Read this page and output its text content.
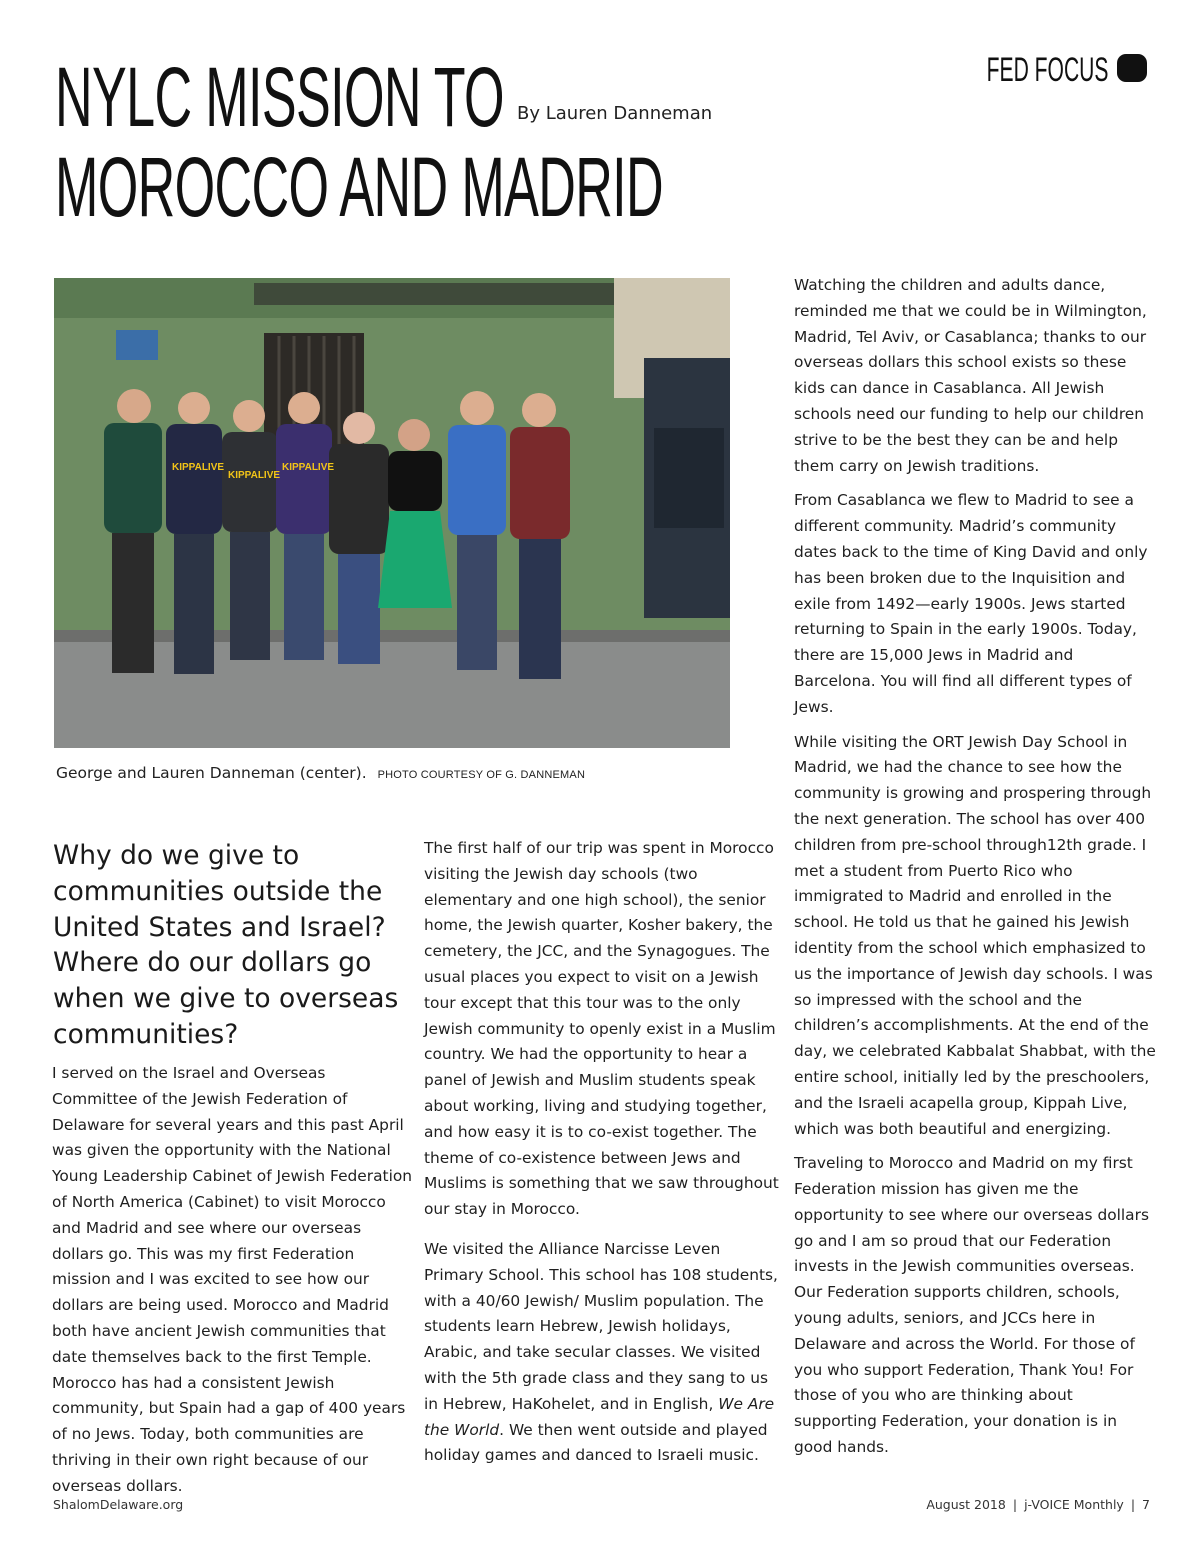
NYLC MISSION TO
MOROCCO AND MADRID
By Lauren Danneman
FED FOCUS
KIPPALIVE
KIPPALIVE
KIPPALIVE
George and Lauren Danneman (center). PHOTO COURTESY OF G. DANNEMAN
Why do we give to communities outside the United States and Israel? Where do our dollars go when we give to overseas communities?

I served on the Israel and Overseas Committee of the Jewish Federation of Delaware for several years and this past April was given the opportunity with the National Young Leadership Cabinet of Jewish Federation of North America (Cabinet) to visit Morocco and Madrid and see where our overseas dollars go. This was my first Federation mission and I was excited to see how our dollars are being used. Morocco and Madrid both have ancient Jewish communities that date themselves back to the first Temple. Morocco has had a consistent Jewish community, but Spain had a gap of 400 years of no Jews. Today, both communities are thriving in their own right because of our overseas dollars.

The first half of our trip was spent in Morocco visiting the Jewish day schools (two elementary and one high school), the senior home, the Jewish quarter, Kosher bakery, the cemetery, the JCC, and the Synagogues. The usual places you expect to visit on a Jewish tour except that this tour was to the only Jewish community to openly exist in a Muslim country. We had the opportunity to hear a panel of Jewish and Muslim students speak about working, living and studying together, and how easy it is to co-exist together. The theme of co-existence between Jews and Muslims is something that we saw throughout our stay in Morocco.

We visited the Alliance Narcisse Leven Primary School. This school has 108 students, with a 40/60 Jewish/ Muslim population. The students learn Hebrew, Jewish holidays, Arabic, and take secular classes. We visited with the 5th grade class and they sang to us in Hebrew, HaKohelet, and in English, We Are the World. We then went outside and played holiday games and danced to Israeli music.

Watching the children and adults dance, reminded me that we could be in Wilmington, Madrid, Tel Aviv, or Casablanca; thanks to our overseas dollars this school exists so these kids can dance in Casablanca. All Jewish schools need our funding to help our children strive to be the best they can be and help them carry on Jewish traditions.

From Casablanca we flew to Madrid to see a different community. Madrid’s community dates back to the time of King David and only has been broken due to the Inquisition and exile from 1492—early 1900s. Jews started returning to Spain in the early 1900s. Today, there are 15,000 Jews in Madrid and Barcelona. You will find all different types of Jews.

While visiting the ORT Jewish Day School in Madrid, we had the chance to see how the community is growing and prospering through the next generation. The school has over 400 children from pre-school through12th grade. I met a student from Puerto Rico who immigrated to Madrid and enrolled in the school. He told us that he gained his Jewish identity from the school which emphasized to us the importance of Jewish day schools. I was so impressed with the school and the children’s accomplishments. At the end of the day, we celebrated Kabbalat Shabbat, with the entire school, initially led by the preschoolers, and the Israeli acapella group, Kippah Live, which was both beautiful and energizing.

Traveling to Morocco and Madrid on my first Federation mission has given me the opportunity to see where our overseas dollars go and I am so proud that our Federation invests in the Jewish communities overseas. Our Federation supports children, schools, young adults, seniors, and JCCs here in Delaware and across the World. For those of you who support Federation, Thank You! For those of you who are thinking about supporting Federation, your donation is in good hands.

ShalomDelaware.org	August 2018 | j-VOICE Monthly | 7
